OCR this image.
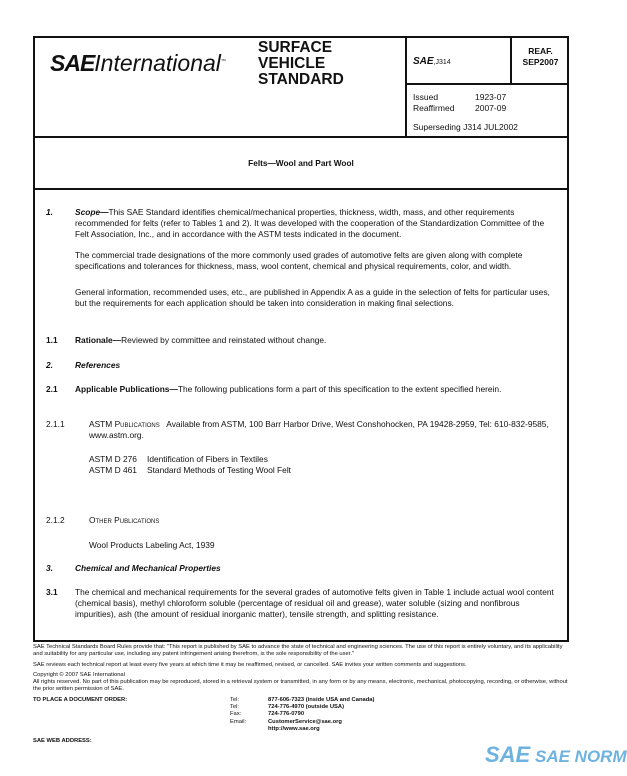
SAEInternational™
SURFACE
VEHICLE
STANDARD
SAE,J314
REAF.
SEP2007
Issued	1923-07
Reaffirmed 2007-09
Superseding J314 JUL2002
Felts—Wool and Part Wool
1.	Scope—This SAE Standard identifies chemical/mechanical properties, thickness, width, mass, and other requirements recommended for felts (refer to Tables 1 and 2). It was developed with the cooperation of the Standardization Committee of the Felt Association, Inc., and in accordance with the ASTM tests indicated in the document.
The commercial trade designations of the more commonly used grades of automotive felts are given along with complete specifications and tolerances for thickness, mass, wool content, chemical and physical requirements, color, and width.
General information, recommended uses, etc., are published in Appendix A as a guide in the selection of felts for particular uses, but the requirements for each application should be taken into consideration in making final selections.
1.1 Rationale—Reviewed by committee and reinstated without change.
2.	References
2.1 Applicable Publications—The following publications form a part of this specification to the extent specified herein.
2.1.1	ASTM Publications Available from ASTM, 100 Barr Harbor Drive, West Conshohocken, PA 19428-2959, Tel: 610-832-9585, www.astm.org.
ASTM D 276 Identification of Fibers in Textiles
ASTM D 461 Standard Methods of Testing Wool Felt
2.1.2	Other Publications
Wool Products Labeling Act, 1939
3.	Chemical and Mechanical Properties
3.1 The chemical and mechanical requirements for the several grades of automotive felts given in Table 1 include actual wool content (chemical basis), methyl chloroform soluble (percentage of residual oil and grease), water soluble (sizing and nonfibrous impurities), ash (the amount of residual inorganic matter), tensile strength, and splitting resistance.
SAE Technical Standards Board Rules provide that: "This report is published by SAE to advance the state of technical and engineering sciences. The use of this report is entirely voluntary, and its applicability and suitability for any particular use, including any patent infringement arising therefrom, is the sole responsibility of the user."
SAE reviews each technical report at least every five years at which time it may be reaffirmed, revised, or cancelled. SAE invites your written comments and suggestions.
Copyright © 2007 SAE International
All rights reserved. No part of this publication may be reproduced, stored in a retrieval system or transmitted, in any form or by any means, electronic, mechanical, photocopying, recording, or otherwise, without the prior written permission of SAE.
TO PLACE A DOCUMENT ORDER:
SAE WEB ADDRESS:
Tel:	877-606-7323 (inside USA and Canada)
Tel:	724-776-4970 (outside USA)
Fax:	724-776-0790
Email:	CustomerService@sae.org
http://www.sae.org
SAE SAE NORM
